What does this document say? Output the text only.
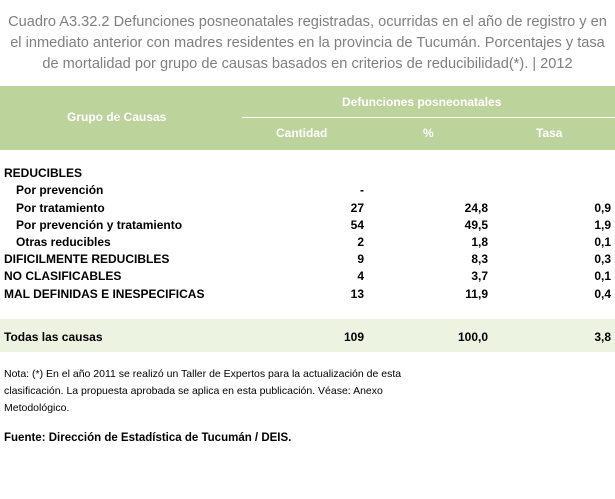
Cuadro A3.32.2 Defunciones posneonatales registradas, ocurridas en el año de registro y en
el inmediato anterior con madres residentes en la provincia de Tucumán. Porcentajes y tasa
de mortalidad por grupo de causas basados en criterios de reducibilidad(*). | 2012
Grupo de Causas
Defunciones posneonatales
Cantidad	%	Tasa
REDUCIBLES
Por prevención	-
Por tratamiento	27	24,8	0,9
Por prevención y tratamiento	54	49,5	1,9
Otras reducibles	2	1,8	0,1
DIFICILMENTE REDUCIBLES	9	8,3	0,3
NO CLASIFICABLES	4	3,7	0,1
MAL DEFINIDAS E INESPECIFICAS	13	11,9	0,4
Todas las causas	109	100,0	3,8
Nota: (*) En el año 2011 se realizó un Taller de Expertos para la actualización de esta
clasificación. La propuesta aprobada se aplica en esta publicación. Véase: Anexo
Metodológico.
Fuente: Dirección de Estadística de Tucumán / DEIS.
